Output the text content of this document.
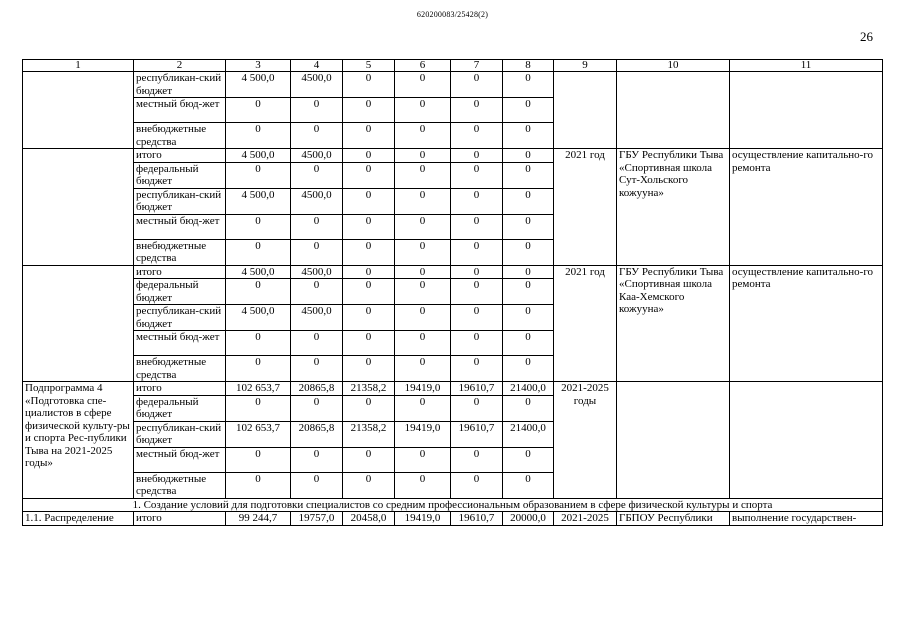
620200083/25428(2)
26
1	2	3	4	5	6	7	8	9	10	11
	республикан-ский бюджет	4 500,0	4500,0	0	0	0	0			
	местный бюд-жет	0	0	0	0	0	0			
	внебюджетные средства	0	0	0	0	0	0			
	итого	4 500,0	4500,0	0	0	0	0	2021 год	ГБУ Республики Тыва «Спортивная школа Сут-Хольского кожууна»	осуществление капитально-го ремонта
	федеральный бюджет	0	0	0	0	0	0			
	республикан-ский бюджет	4 500,0	4500,0	0	0	0	0			
	местный бюд-жет	0	0	0	0	0	0			
	внебюджетные средства	0	0	0	0	0	0			
	итого	4 500,0	4500,0	0	0	0	0	2021 год	ГБУ Республики Тыва «Спортивная школа Каа-Хемского кожууна»	осуществление капитально-го ремонта
	федеральный бюджет	0	0	0	0	0	0			
	республикан-ский бюджет	4 500,0	4500,0	0	0	0	0			
	местный бюд-жет	0	0	0	0	0	0			
	внебюджетные средства	0	0	0	0	0	0			
Подпрограмма 4 «Подготовка спе-циалистов в сфере физической культу-ры и спорта Рес-публики Тыва на 2021-2025 годы»	итого	102 653,7	20865,8	21358,2	19419,0	19610,7	21400,0	2021-2025 годы		
	федеральный бюджет	0	0	0	0	0	0			
	республикан-ский бюджет	102 653,7	20865,8	21358,2	19419,0	19610,7	21400,0			
	местный бюд-жет	0	0	0	0	0	0			
	внебюджетные средства	0	0	0	0	0	0			
1. Создание условий для подготовки специалистов со средним профессиональным образованием в сфере физической культуры и спорта										
1.1. Распределение	итого	99 244,7	19757,0	20458,0	19419,0	19610,7	20000,0	2021-2025	ГБПОУ Республики	выполнение государствен-
